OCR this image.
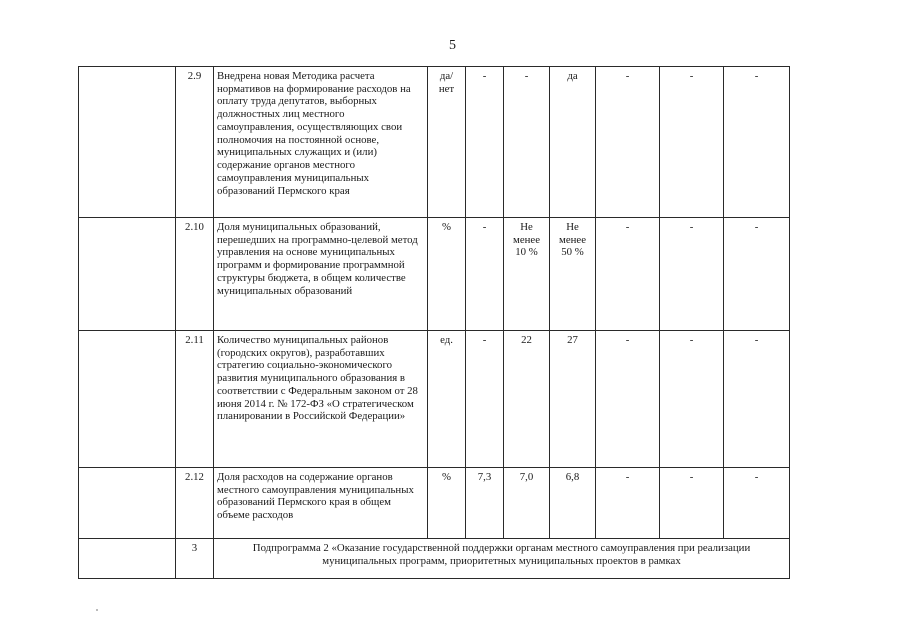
5
	2.9	Внедрена новая Методика расчета нормативов на формирование расходов на оплату труда депутатов, выборных должностных лиц местного самоуправления, осуществляющих свои полномочия на постоянной основе, муниципальных служащих и (или) содержание органов местного самоуправления муниципальных образований Пермского края	да/ нет	-	-	да	-	-	-
	2.10	Доля муниципальных образований, перешедших на программно-целевой метод управления на основе муниципальных программ и формирование программной структуры бюджета, в общем количестве муниципальных образований	%	-	Не менее 10 %	Не менее 50 %	-	-	-
	2.11	Количество муниципальных районов (городских округов), разработавших стратегию социально-экономического развития муниципального образования в соответствии с Федеральным законом от 28 июня 2014 г. № 172-ФЗ «О стратегическом планировании в Российской Федерации»	ед.	-	22	27	-	-	-
	2.12	Доля расходов на содержание органов местного самоуправления муниципальных образований Пермского края в общем объеме расходов	%	7,3	7,0	6,8	-	-	-
	3	Подпрограмма 2 «Оказание государственной поддержки органам местного самоуправления при реализации муниципальных программ, приоритетных муниципальных проектов в рамках							
